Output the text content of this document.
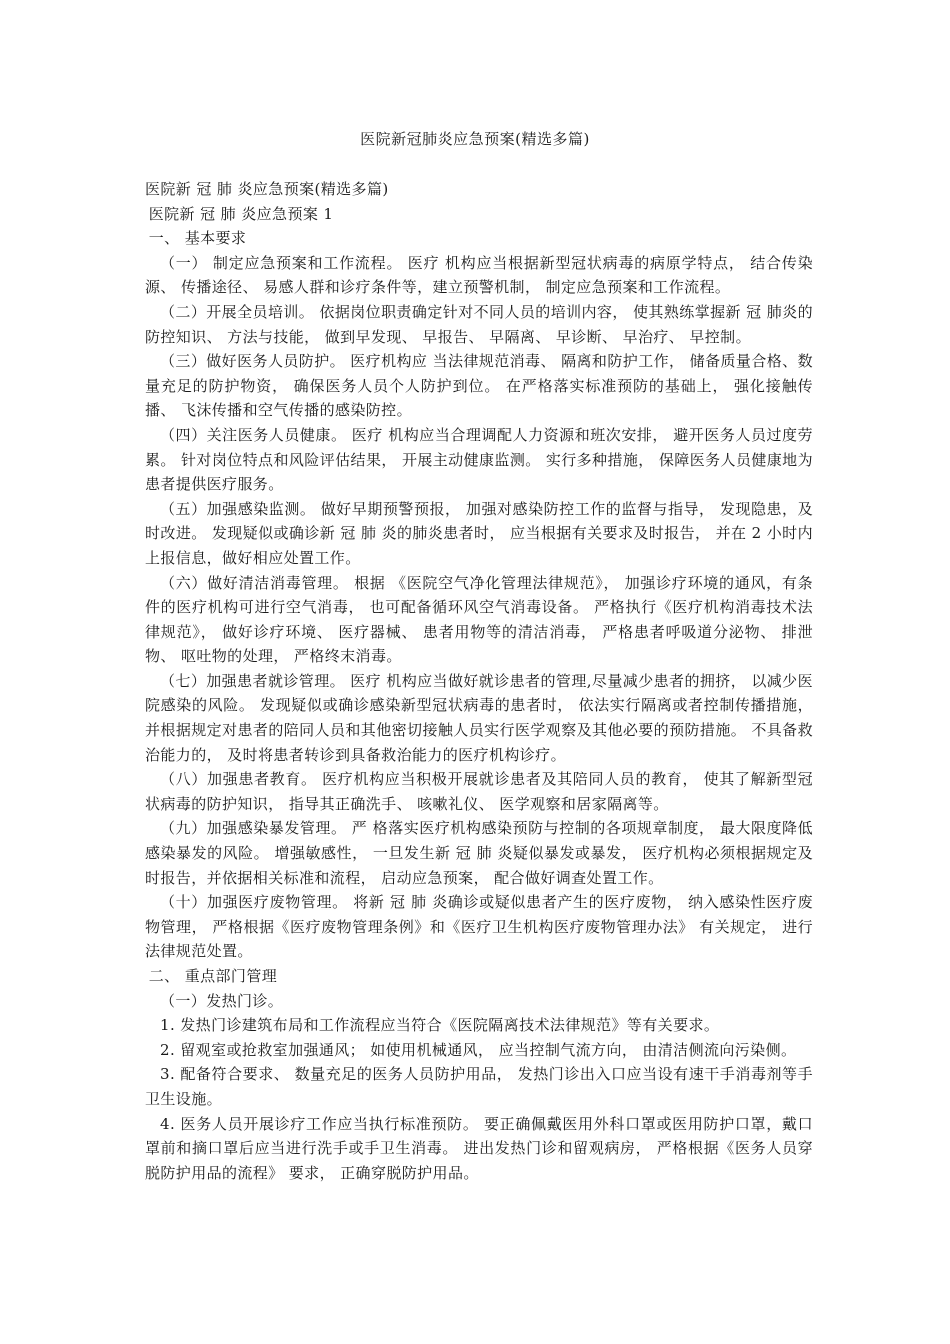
医院新冠肺炎应急预案(精选多篇)

医院新 冠 肺 炎应急预案(精选多篇)

医院新 冠 肺 炎应急预案 1

一、 基本要求

（一） 制定应急预案和工作流程。 医疗 机构应当根据新型冠状病毒的病原学特点， 结合传染源、 传播途径、 易感人群和诊疗条件等，建立预警机制， 制定应急预案和工作流程。

（二）开展全员培训。 依据岗位职责确定针对不同人员的培训内容， 使其熟练掌握新 冠 肺炎的防控知识、 方法与技能， 做到早发现、 早报告、 早隔离、 早诊断、 早治疗、 早控制。

（三）做好医务人员防护。 医疗机构应 当法律规范消毒、 隔离和防护工作， 储备质量合格、数量充足的防护物资， 确保医务人员个人防护到位。 在严格落实标准预防的基础上， 强化接触传播、 飞沫传播和空气传播的感染防控。

（四）关注医务人员健康。 医疗 机构应当合理调配人力资源和班次安排， 避开医务人员过度劳累。 针对岗位特点和风险评估结果， 开展主动健康监测。 实行多种措施， 保障医务人员健康地为患者提供医疗服务。

（五）加强感染监测。 做好早期预警预报， 加强对感染防控工作的监督与指导， 发现隐患，及时改进。 发现疑似或确诊新 冠 肺 炎的肺炎患者时， 应当根据有关要求及时报告， 并在 2 小时内上报信息，做好相应处置工作。

（六）做好清洁消毒管理。 根据 《医院空气净化管理法律规范》， 加强诊疗环境的通风，有条件的医疗机构可进行空气消毒， 也可配备循环风空气消毒设备。 严格执行《医疗机构消毒技术法律规范》， 做好诊疗环境、 医疗器械、 患者用物等的清洁消毒， 严格患者呼吸道分泌物、 排泄物、 呕吐物的处理， 严格终末消毒。

（七）加强患者就诊管理。 医疗 机构应当做好就诊患者的管理,尽量减少患者的拥挤， 以减少医院感染的风险。 发现疑似或确诊感染新型冠状病毒的患者时， 依法实行隔离或者控制传播措施， 并根据规定对患者的陪同人员和其他密切接触人员实行医学观察及其他必要的预防措施。 不具备救治能力的， 及时将患者转诊到具备救治能力的医疗机构诊疗。

（八）加强患者教育。 医疗机构应当积极开展就诊患者及其陪同人员的教育， 使其了解新型冠状病毒的防护知识， 指导其正确洗手、 咳嗽礼仪、 医学观察和居家隔离等。

（九）加强感染暴发管理。 严 格落实医疗机构感染预防与控制的各项规章制度， 最大限度降低感染暴发的风险。 增强敏感性， 一旦发生新 冠 肺 炎疑似暴发或暴发， 医疗机构必须根据规定及时报告，并依据相关标准和流程， 启动应急预案， 配合做好调查处置工作。

（十）加强医疗废物管理。 将新 冠 肺 炎确诊或疑似患者产生的医疗废物， 纳入感染性医疗废物管理， 严格根据《医疗废物管理条例》和《医疗卫生机构医疗废物管理办法》 有关规定， 进行法律规范处置。

二、 重点部门管理

（一）发热门诊。

1. 发热门诊建筑布局和工作流程应当符合《医院隔离技术法律规范》等有关要求。

2. 留观室或抢救室加强通风； 如使用机械通风， 应当控制气流方向， 由清洁侧流向污染侧。

3. 配备符合要求、 数量充足的医务人员防护用品， 发热门诊出入口应当设有速干手消毒剂等手卫生设施。

4. 医务人员开展诊疗工作应当执行标准预防。 要正确佩戴医用外科口罩或医用防护口罩，戴口罩前和摘口罩后应当进行洗手或手卫生消毒。 进出发热门诊和留观病房， 严格根据《医务人员穿脱防护用品的流程》 要求， 正确穿脱防护用品。
